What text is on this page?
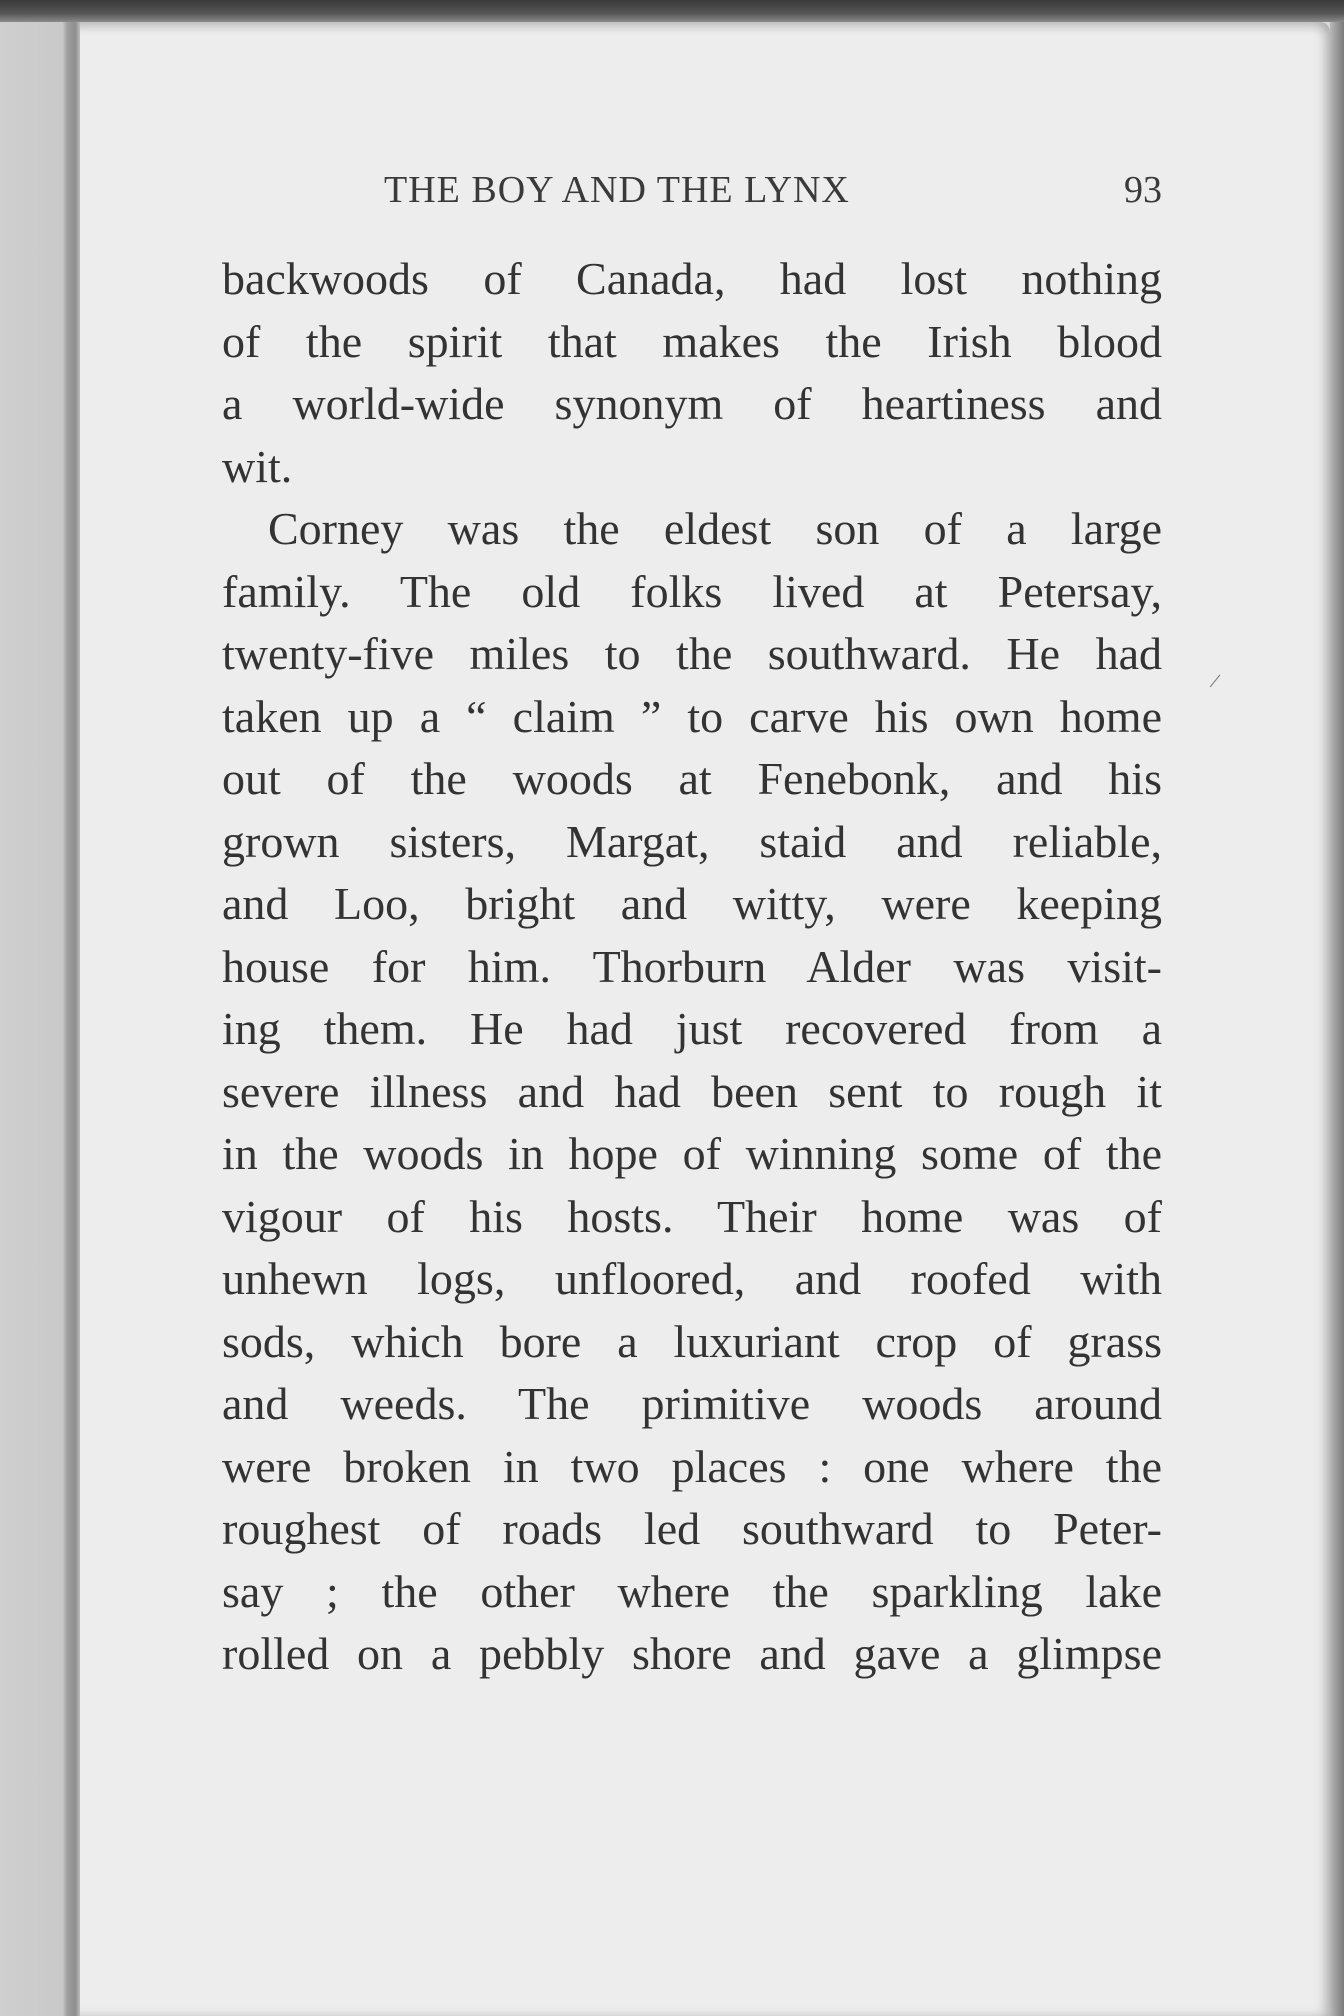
THE BOY AND THE LYNX	93

backwoods of Canada, had lost nothing
of the spirit that makes the Irish blood
a world-wide synonym of heartiness and
wit.

Corney was the eldest son of a large
family. The old folks lived at Petersay,
twenty-five miles to the southward. He had
taken up a “ claim ” to carve his own home
out of the woods at Fenebonk, and his
grown sisters, Margat, staid and reliable,
and Loo, bright and witty, were keeping
house for him. Thorburn Alder was visit-
ing them. He had just recovered from a
severe illness and had been sent to rough it
in the woods in hope of winning some of the
vigour of his hosts. Their home was of
unhewn logs, unfloored, and roofed with
sods, which bore a luxuriant crop of grass
and weeds. The primitive woods around
were broken in two places : one where the
roughest of roads led southward to Peter-
say ; the other where the sparkling lake
rolled on a pebbly shore and gave a glimpse

/
